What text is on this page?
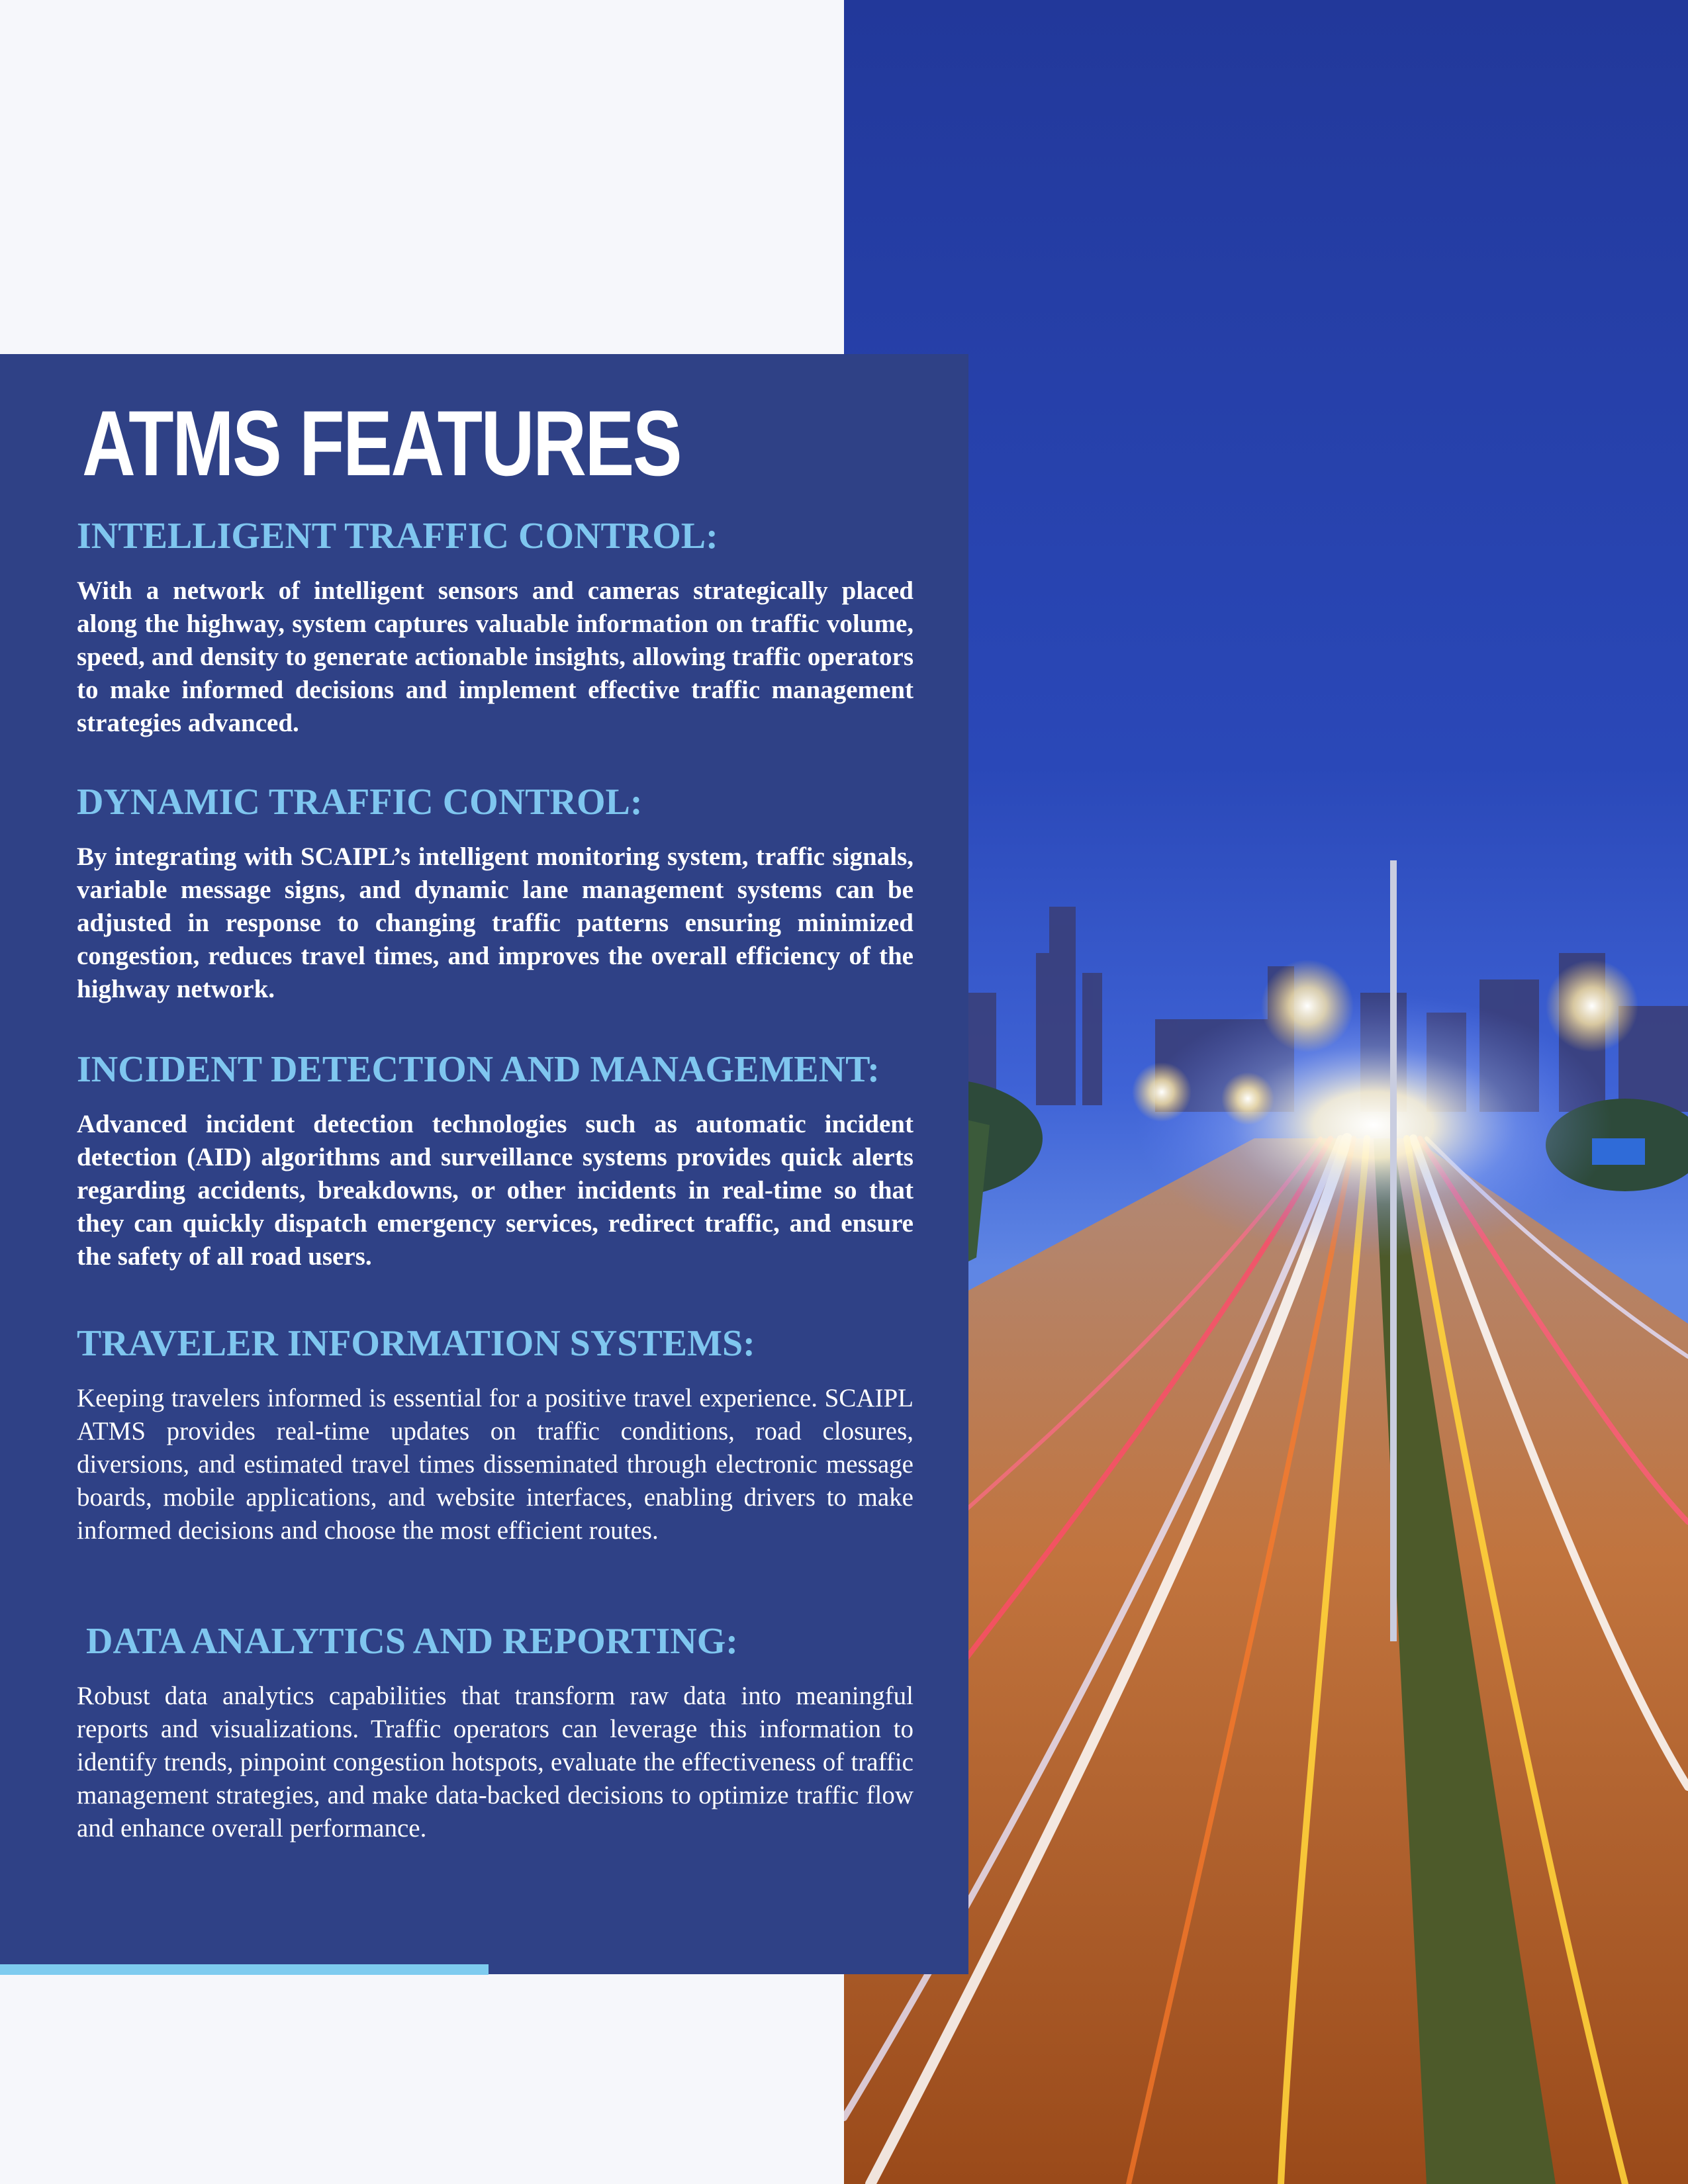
ATMS FEATURES
INTELLIGENT TRAFFIC CONTROL:

With a network of intelligent sensors and cameras strategically placed along the highway, system captures valuable information on traffic volume, speed, and density to generate actionable insights, allowing traffic operators to make informed decisions and implement effective traffic management strategies advanced.

DYNAMIC TRAFFIC CONTROL:

By integrating with SCAIPL’s intelligent monitoring system, traffic signals, variable message signs, and dynamic lane management systems can be adjusted in response to changing traffic patterns ensuring minimized congestion, reduces travel times, and improves the overall efficiency of the highway network.

INCIDENT DETECTION AND MANAGEMENT:

Advanced incident detection technologies such as automatic incident detection (AID) algorithms and surveillance systems provides quick alerts regarding accidents, breakdowns, or other incidents in real-time so that they can quickly dispatch emergency services, redirect traffic, and ensure the safety of all road users.

TRAVELER INFORMATION SYSTEMS:

Keeping travelers informed is essential for a positive travel experience. SCAIPL ATMS provides real-time updates on traffic conditions, road closures, diversions, and estimated travel times disseminated through electronic message boards, mobile applications, and website interfaces, enabling drivers to make informed decisions and choose the most efficient routes.

DATA ANALYTICS AND REPORTING:

Robust data analytics capabilities that transform raw data into meaningful reports and visualizations. Traffic operators can leverage this information to identify trends, pinpoint congestion hotspots, evaluate the effectiveness of traffic management strategies, and make data-backed decisions to optimize traffic flow and enhance overall performance.
